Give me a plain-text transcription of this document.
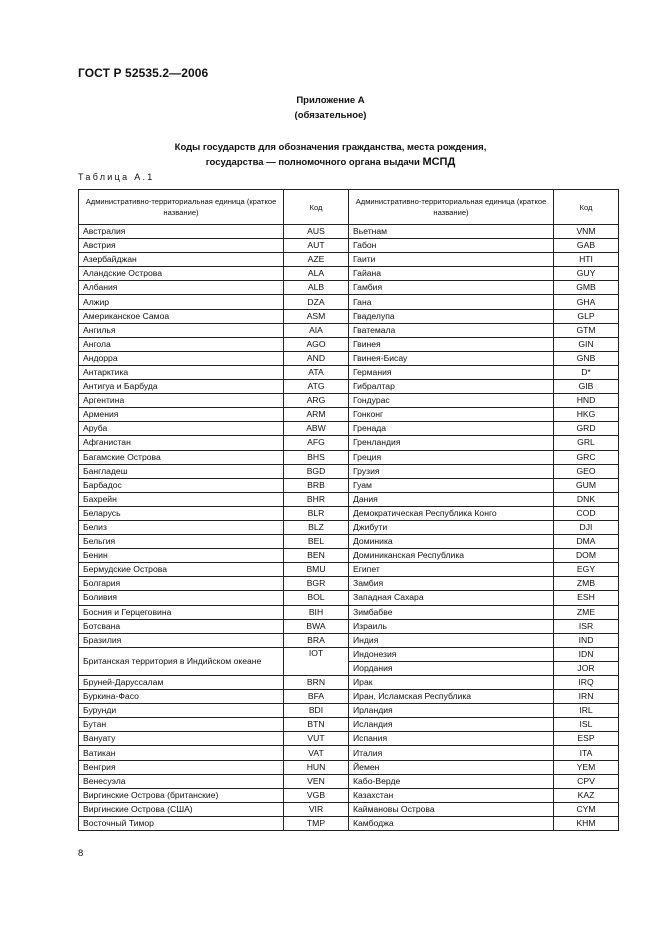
ГОСТ Р 52535.2—2006
Приложение А
(обязательное)
Коды государств для обозначения гражданства, места рождения,
государства — полномочного органа выдачи МСПД
Таблица А.1
Административно-территориальная единица (краткое название)	Код	Административно-территориальная единица (краткое название)	Код
Австралия	AUS	Вьетнам	VNM
Австрия	AUT	Габон	GAB
Азербайджан	AZE	Гаити	HTI
Аландские Острова	ALA	Гайана	GUY
Албания	ALB	Гамбия	GMB
Алжир	DZA	Гана	GHA
Американское Самоа	ASM	Гваделупа	GLP
Ангилья	AIA	Гватемала	GTM
Ангола	AGO	Гвинея	GIN
Андорра	AND	Гвинея-Бисау	GNB
Антарктика	ATA	Германия	D*
Антигуа и Барбуда	ATG	Гибралтар	GIB
Аргентина	ARG	Гондурас	HND
Армения	ARM	Гонконг	HKG
Аруба	ABW	Гренада	GRD
Афганистан	AFG	Гренландия	GRL
Багамские Острова	BHS	Греция	GRC
Бангладеш	BGD	Грузия	GEO
Барбадос	BRB	Гуам	GUM
Бахрейн	BHR	Дания	DNK
Беларусь	BLR	Демократическая Республика Конго	COD
Белиз	BLZ	Джибути	DJI
Бельгия	BEL	Доминика	DMA
Бенин	BEN	Доминиканская Республика	DOM
Бермудские Острова	BMU	Египет	EGY
Болгария	BGR	Замбия	ZMB
Боливия	BOL	Западная Сахара	ESH
Босния и Герцеговина	BIH	Зимбабве	ZME
Ботсвана	BWA	Израиль	ISR
Бразилия	BRA	Индия	IND
Британская территория в Индийском океане	IOT	Индонезия	IDN
		Иордания	JOR
Бруней-Даруссалам	BRN	Ирак	IRQ
Буркина-Фасо	BFA	Иран, Исламская Республика	IRN
Бурунди	BDI	Ирландия	IRL
Бутан	BTN	Исландия	ISL
Вануату	VUT	Испания	ESP
Ватикан	VAT	Италия	ITA
Венгрия	HUN	Йемен	YEM
Венесуэла	VEN	Кабо-Верде	CPV
Виргинские Острова (британские)	VGB	Казахстан	KAZ
Виргинские Острова (США)	VIR	Каймановы Острова	CYM
Восточный Тимор	TMP	Камбоджа	KHM
8
